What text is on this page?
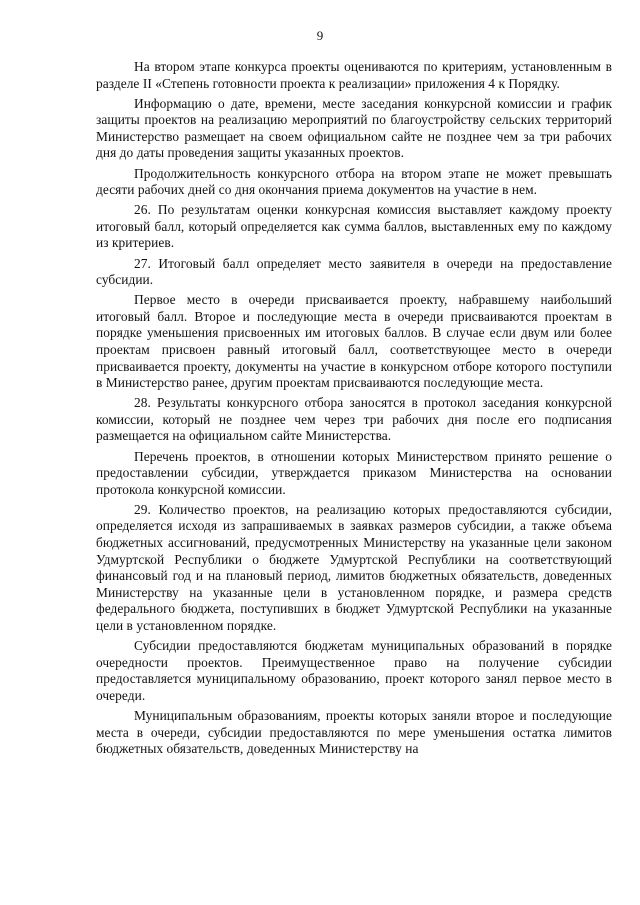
9

На втором этапе конкурса проекты оцениваются по критериям, установленным в разделе II «Степень готовности проекта к реализации» приложения 4 к Порядку.

Информацию о дате, времени, месте заседания конкурсной комиссии и график защиты проектов на реализацию мероприятий по благоустройству сельских территорий Министерство размещает на своем официальном сайте не позднее чем за три рабочих дня до даты проведения защиты указанных проектов.

Продолжительность конкурсного отбора на втором этапе не может превышать десяти рабочих дней со дня окончания приема документов на участие в нем.

26. По результатам оценки конкурсная комиссия выставляет каждому проекту итоговый балл, который определяется как сумма баллов, выставленных ему по каждому из критериев.

27. Итоговый балл определяет место заявителя в очереди на предоставление субсидии.

Первое место в очереди присваивается проекту, набравшему наибольший итоговый балл. Второе и последующие места в очереди присваиваются проектам в порядке уменьшения присвоенных им итоговых баллов. В случае если двум или более проектам присвоен равный итоговый балл, соответствующее место в очереди присваивается проекту, документы на участие в конкурсном отборе которого поступили в Министерство ранее, другим проектам присваиваются последующие места.

28. Результаты конкурсного отбора заносятся в протокол заседания конкурсной комиссии, который не позднее чем через три рабочих дня после его подписания размещается на официальном сайте Министерства.

Перечень проектов, в отношении которых Министерством принято решение о предоставлении субсидии, утверждается приказом Министерства на основании протокола конкурсной комиссии.

29. Количество проектов, на реализацию которых предоставляются субсидии, определяется исходя из запрашиваемых в заявках размеров субсидии, а также объема бюджетных ассигнований, предусмотренных Министерству на указанные цели законом Удмуртской Республики о бюджете Удмуртской Республики на соответствующий финансовый год и на плановый период, лимитов бюджетных обязательств, доведенных Министерству на указанные цели в установленном порядке, и размера средств федерального бюджета, поступивших в бюджет Удмуртской Республики на указанные цели в установленном порядке.

Субсидии предоставляются бюджетам муниципальных образований в порядке очередности проектов. Преимущественное право на получение субсидии предоставляется муниципальному образованию, проект которого занял первое место в очереди.

Муниципальным образованиям, проекты которых заняли второе и последующие места в очереди, субсидии предоставляются по мере уменьшения остатка лимитов бюджетных обязательств, доведенных Министерству на
